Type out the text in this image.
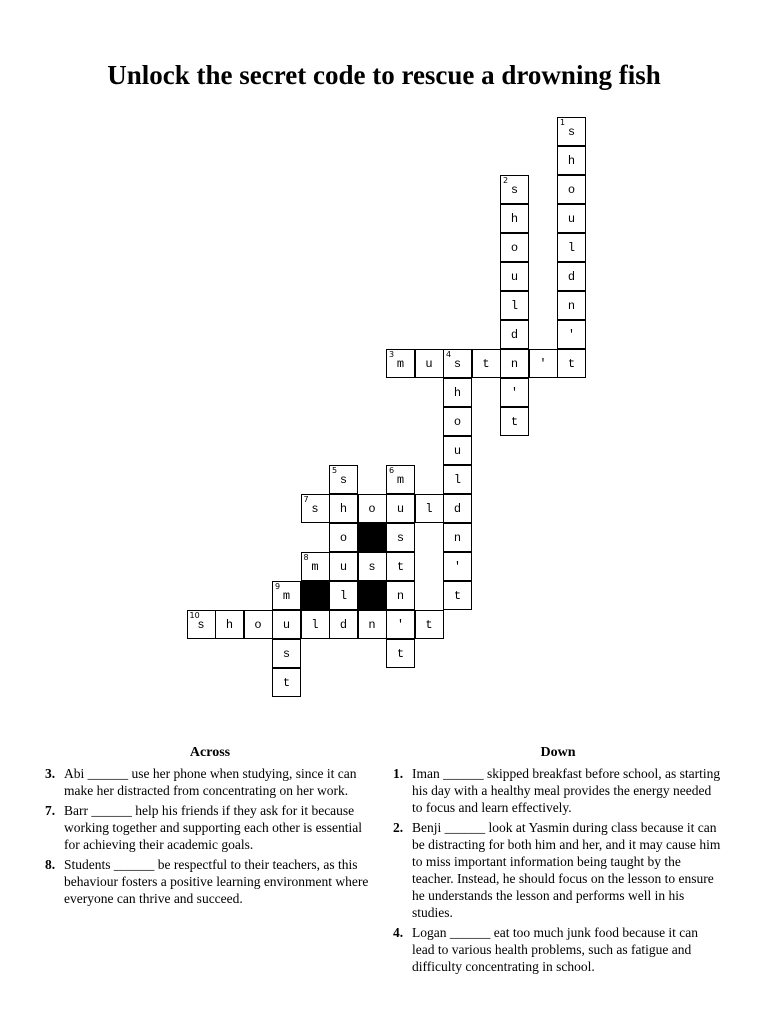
Unlock the secret code to rescue a drowning fish
1
s
h
2
s	o
h	u
o	l
u	d
l	n
d	'
3
m	u
4
s	t	n	'	t
h	'
o	t
u
5
s
6
m	l
7
s	h	o	u	l	d
o	s	n
8
m	u	s	t	'
9
m	l	n	t
10
s	h	o	u	l	d	n	'	t
s	t
t
Across
3. Abi ______ use her phone when studying, since it can make her distracted from concentrating on her work.
7. Barr ______ help his friends if they ask for it because working together and supporting each other is essential for achieving their academic goals.
8. Students ______ be respectful to their teachers, as this behaviour fosters a positive learning environment where everyone can thrive and succeed.
Down
1. Iman ______ skipped breakfast before school, as starting his day with a healthy meal provides the energy needed to focus and learn effectively.
2. Benji ______ look at Yasmin during class because it can be distracting for both him and her, and it may cause him to miss important information being taught by the teacher. Instead, he should focus on the lesson to ensure he understands the lesson and performs well in his studies.
4. Logan ______ eat too much junk food because it can lead to various health problems, such as fatigue and difficulty concentrating in school.
